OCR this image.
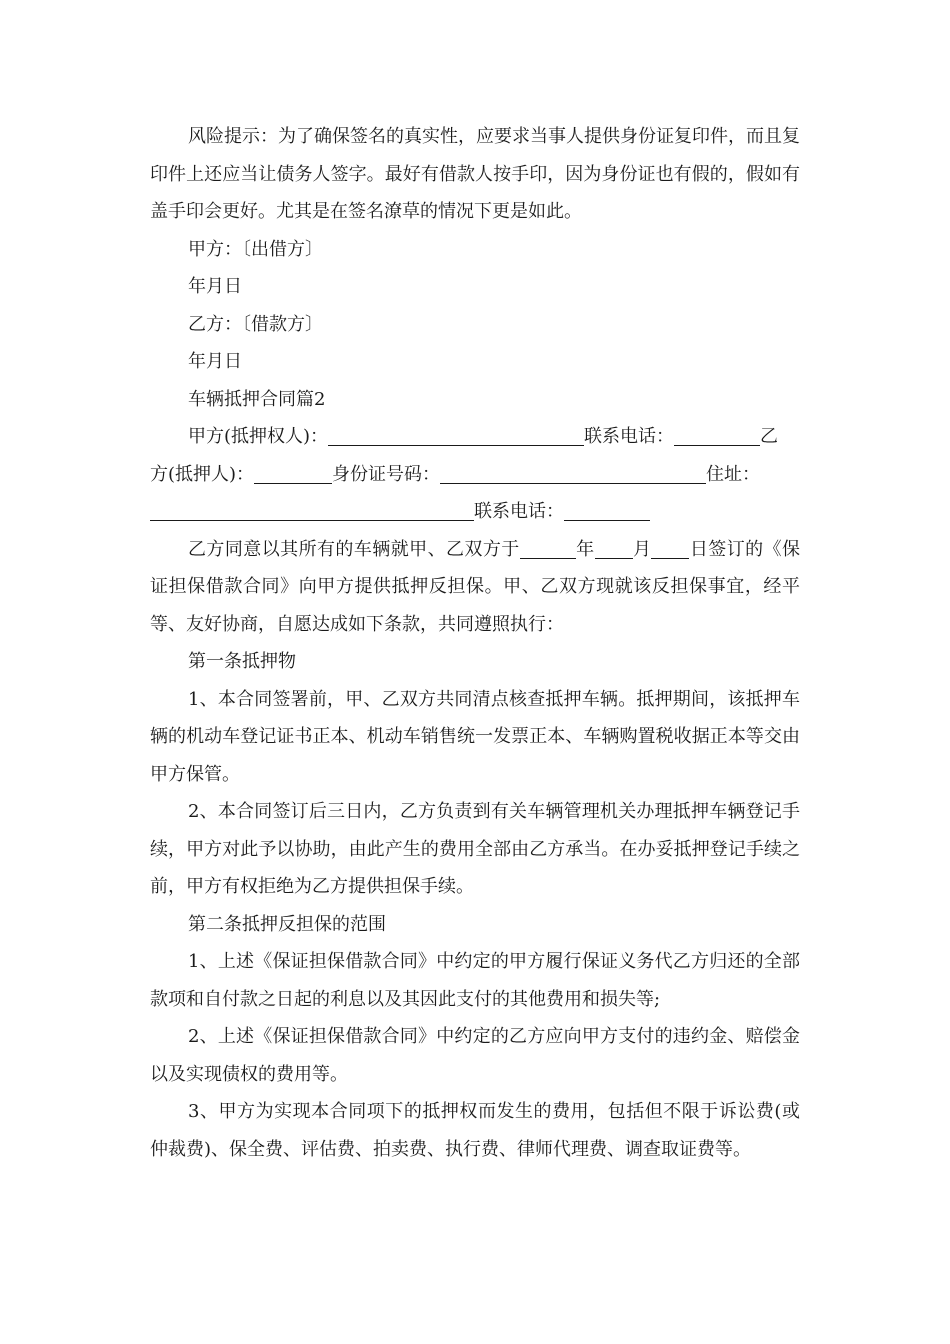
风险提示：为了确保签名的真实性，应要求当事人提供身份证复印件，而且复印件上还应当让债务人签字。最好有借款人按手印，因为身份证也有假的，假如有盖手印会更好。尤其是在签名潦草的情况下更是如此。

甲方：〔出借方〕

年月日

乙方：〔借款方〕

年月日

车辆抵押合同篇2

甲方(抵押权人)：	联系电话：	乙

方(抵押人)：	身份证号码：	住址：

联系电话：

乙方同意以其所有的车辆就甲、乙双方于	年 月 日签订的《保证担保借款合同》向甲方提供抵押反担保。甲、乙双方现就该反担保事宜，经平等、友好协商，自愿达成如下条款，共同遵照执行：

第一条抵押物

1、本合同签署前，甲、乙双方共同清点核查抵押车辆。抵押期间，该抵押车辆的机动车登记证书正本、机动车销售统一发票正本、车辆购置税收据正本等交由甲方保管。

2、本合同签订后三日内，乙方负责到有关车辆管理机关办理抵押车辆登记手续，甲方对此予以协助，由此产生的费用全部由乙方承当。在办妥抵押登记手续之前，甲方有权拒绝为乙方提供担保手续。

第二条抵押反担保的范围

1、上述《保证担保借款合同》中约定的甲方履行保证义务代乙方归还的全部款项和自付款之日起的利息以及其因此支付的其他费用和损失等;

2、上述《保证担保借款合同》中约定的乙方应向甲方支付的违约金、赔偿金以及实现债权的费用等。

3、甲方为实现本合同项下的抵押权而发生的费用，包括但不限于诉讼费(或仲裁费)、保全费、评估费、拍卖费、执行费、律师代理费、调查取证费等。
